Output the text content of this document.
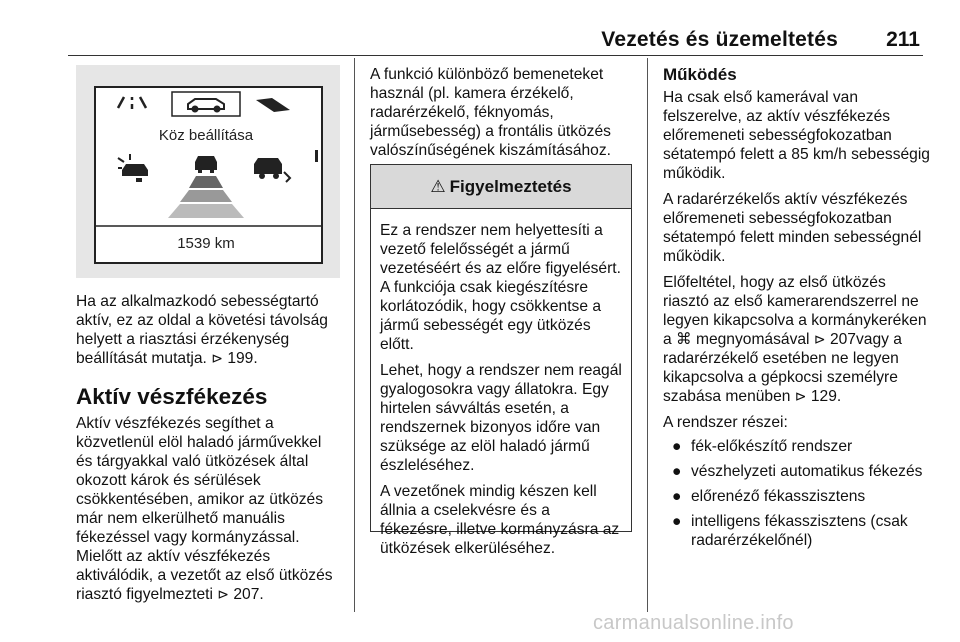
Vezetés és üzemeltetés 211
Köz beállítása
1539 km

Ha az alkalmazkodó sebességtartó aktív, ez az oldal a követési távolság helyett a riasztási érzékenység beállítását mutatja. ⊳ 199.

Aktív vészfékezés

Aktív vészfékezés segíthet a közvetlenül elöl haladó járművekkel és tárgyakkal való ütközések által okozott károk és sérülések csökkentésében, amikor az ütközés már nem elkerülhető manuális fékezéssel vagy kormányzással. Mielőtt az aktív vészfékezés aktiválódik, a vezetőt az első ütközés riasztó figyelmezteti ⊳ 207.

A funkció különböző bemeneteket használ (pl. kamera érzékelő, radarérzékelő, féknyomás, járműsebesség) a frontális ütközés valószínűségének kiszámításához.

⚠ Figyelmeztetés

Ez a rendszer nem helyettesíti a vezető felelősségét a jármű vezetéséért és az előre figyelésért. A funkciója csak kiegészítésre korlátozódik, hogy csökkentse a jármű sebességét egy ütközés előtt.

Lehet, hogy a rendszer nem reagál gyalogosokra vagy állatokra. Egy hirtelen sávváltás esetén, a rendszernek bizonyos időre van szüksége az elöl haladó jármű észleléséhez.

A vezetőnek mindig készen kell állnia a cselekvésre és a fékezésre, illetve kormányzásra az ütközések elkerüléséhez.

Működés

Ha csak első kamerával van felszerelve, az aktív vészfékezés előremeneti sebességfokozatban sétatempó felett a 85 km/h sebességig működik.

A radarérzékelős aktív vészfékezés előremeneti sebességfokozatban sétatempó felett minden sebességnél működik.

Előfeltétel, hogy az első ütközés riasztó az első kamerarendszerrel ne legyen kikapcsolva a kormánykeréken a ⌘ megnyomásával ⊳ 207vagy a radarérzékelő esetében ne legyen kikapcsolva a gépkocsi személyre szabása menüben ⊳ 129.

A rendszer részei:

● fék-előkészítő rendszer
● vészhelyzeti automatikus fékezés
● előrenéző fékasszisztens
● intelligens fékasszisztens (csak radarérzékelőnél)
carmanualsonline.info
